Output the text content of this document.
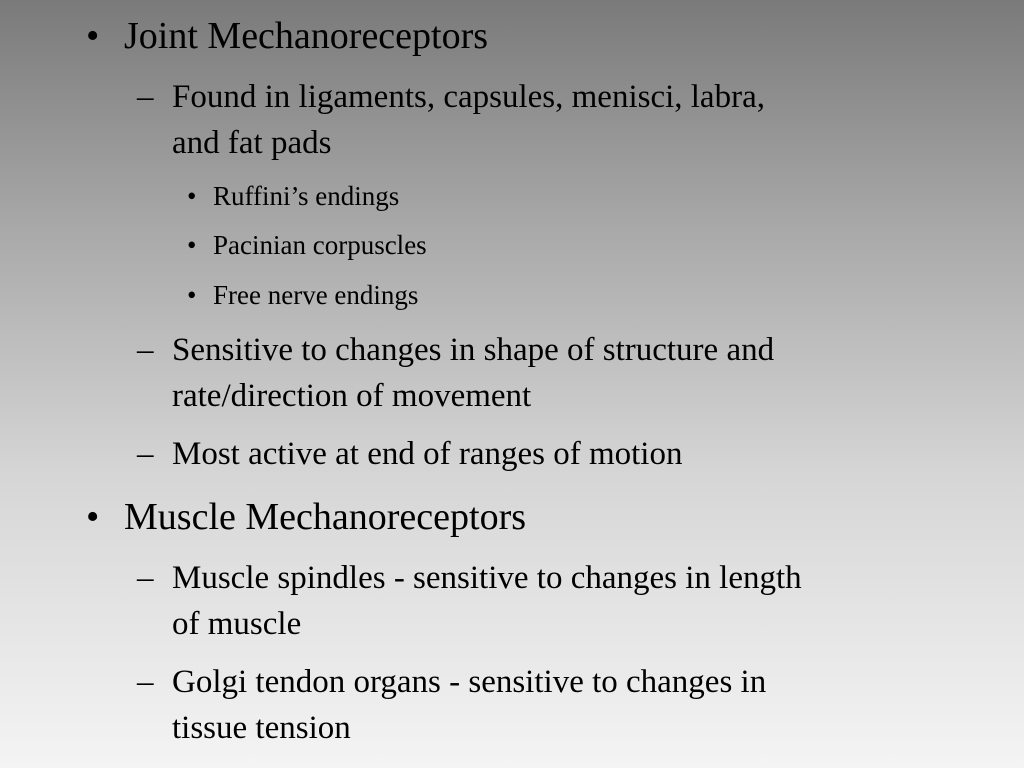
• Joint Mechanoreceptors
– Found in ligaments, capsules, menisci, labra,
and fat pads
• Ruffini’s endings
• Pacinian corpuscles
• Free nerve endings
– Sensitive to changes in shape of structure and
rate/direction of movement
– Most active at end of ranges of motion
• Muscle Mechanoreceptors
– Muscle spindles - sensitive to changes in length
of muscle
– Golgi tendon organs - sensitive to changes in
tissue tension
